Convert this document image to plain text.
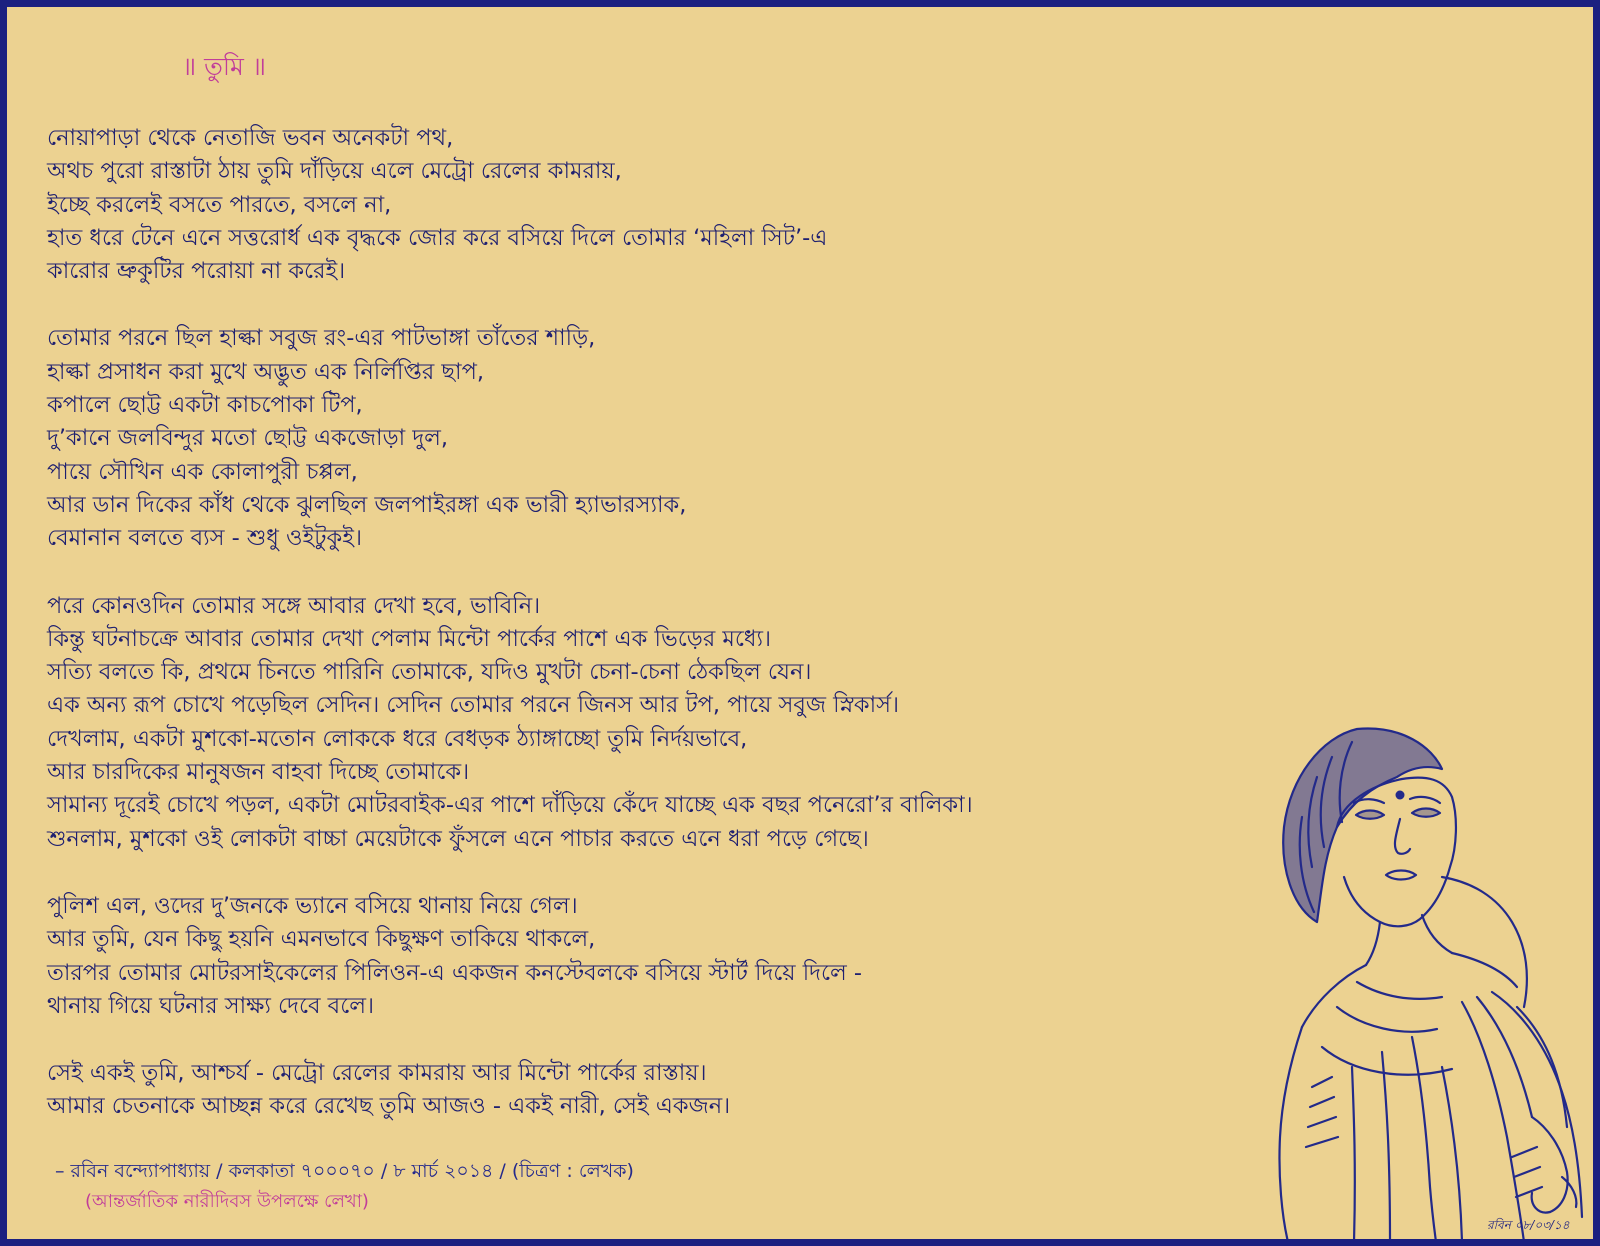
॥ তুমি ॥
নোয়াপাড়া থেকে নেতাজি ভবন অনেকটা পথ,
অথচ পুরো রাস্তাটা ঠায় তুমি দাঁড়িয়ে এলে মেট্রো রেলের কামরায়,
ইচ্ছে করলেই বসতে পারতে, বসলে না,
হাত ধরে টেনে এনে সত্তরোর্ধ এক বৃদ্ধকে জোর করে বসিয়ে দিলে তোমার ‘মহিলা সিট’-এ
কারোর ভ্রুকুটির পরোয়া না করেই।
তোমার পরনে ছিল হাল্কা সবুজ রং-এর পাটভাঙ্গা তাঁতের শাড়ি,
হাল্কা প্রসাধন করা মুখে অদ্ভুত এক নির্লিপ্তির ছাপ,
কপালে ছোট্ট একটা কাচপোকা টিপ,
দু’কানে জলবিন্দুর মতো ছোট্ট একজোড়া দুল,
পায়ে সৌখিন এক কোলাপুরী চপ্পল,
আর ডান দিকের কাঁধ থেকে ঝুলছিল জলপাইরঙ্গা এক ভারী হ্যাভারস্যাক,
বেমানান বলতে ব্যস - শুধু ওইটুকুই।
পরে কোনওদিন তোমার সঙ্গে আবার দেখা হবে, ভাবিনি।
কিন্তু ঘটনাচক্রে আবার তোমার দেখা পেলাম মিন্টো পার্কের পাশে এক ভিড়ের মধ্যে।
সত্যি বলতে কি, প্রথমে চিনতে পারিনি তোমাকে, যদিও মুখটা চেনা-চেনা ঠেকছিল যেন।
এক অন্য রূপ চোখে পড়েছিল সেদিন। সেদিন তোমার পরনে জিনস আর টপ, পায়ে সবুজ স্নিকার্স।
দেখলাম, একটা মুশকো-মতোন লোককে ধরে বেধড়ক ঠ্যাঙ্গাচ্ছো তুমি নির্দয়ভাবে,
আর চারদিকের মানুষজন বাহবা দিচ্ছে তোমাকে।
সামান্য দূরেই চোখে পড়ল, একটা মোটরবাইক-এর পাশে দাঁড়িয়ে কেঁদে যাচ্ছে এক বছর পনেরো’র বালিকা।
শুনলাম, মুশকো ওই লোকটা বাচ্চা মেয়েটাকে ফুঁসলে এনে পাচার করতে এনে ধরা পড়ে গেছে।
পুলিশ এল, ওদের দু’জনকে ভ্যানে বসিয়ে থানায় নিয়ে গেল।
আর তুমি, যেন কিছু হয়নি এমনভাবে কিছুক্ষণ তাকিয়ে থাকলে,
তারপর তোমার মোটরসাইকেলের পিলিওন-এ একজন কনস্টেবলকে বসিয়ে স্টার্ট দিয়ে দিলে -
থানায় গিয়ে ঘটনার সাক্ষ্য দেবে বলে।
সেই একই তুমি, আশ্চর্য - মেট্রো রেলের কামরায় আর মিন্টো পার্কের রাস্তায়।
আমার চেতনাকে আচ্ছন্ন করে রেখেছ তুমি আজও - একই নারী, সেই একজন।
– রবিন বন্দ্যোপাধ্যায় / কলকাতা ৭০০০৭০ / ৮ মার্চ ২০১৪ / (চিত্রণ : লেখক)
(আন্তর্জাতিক নারীদিবস উপলক্ষে লেখা)
রবিন ০৮/০৩/১৪
